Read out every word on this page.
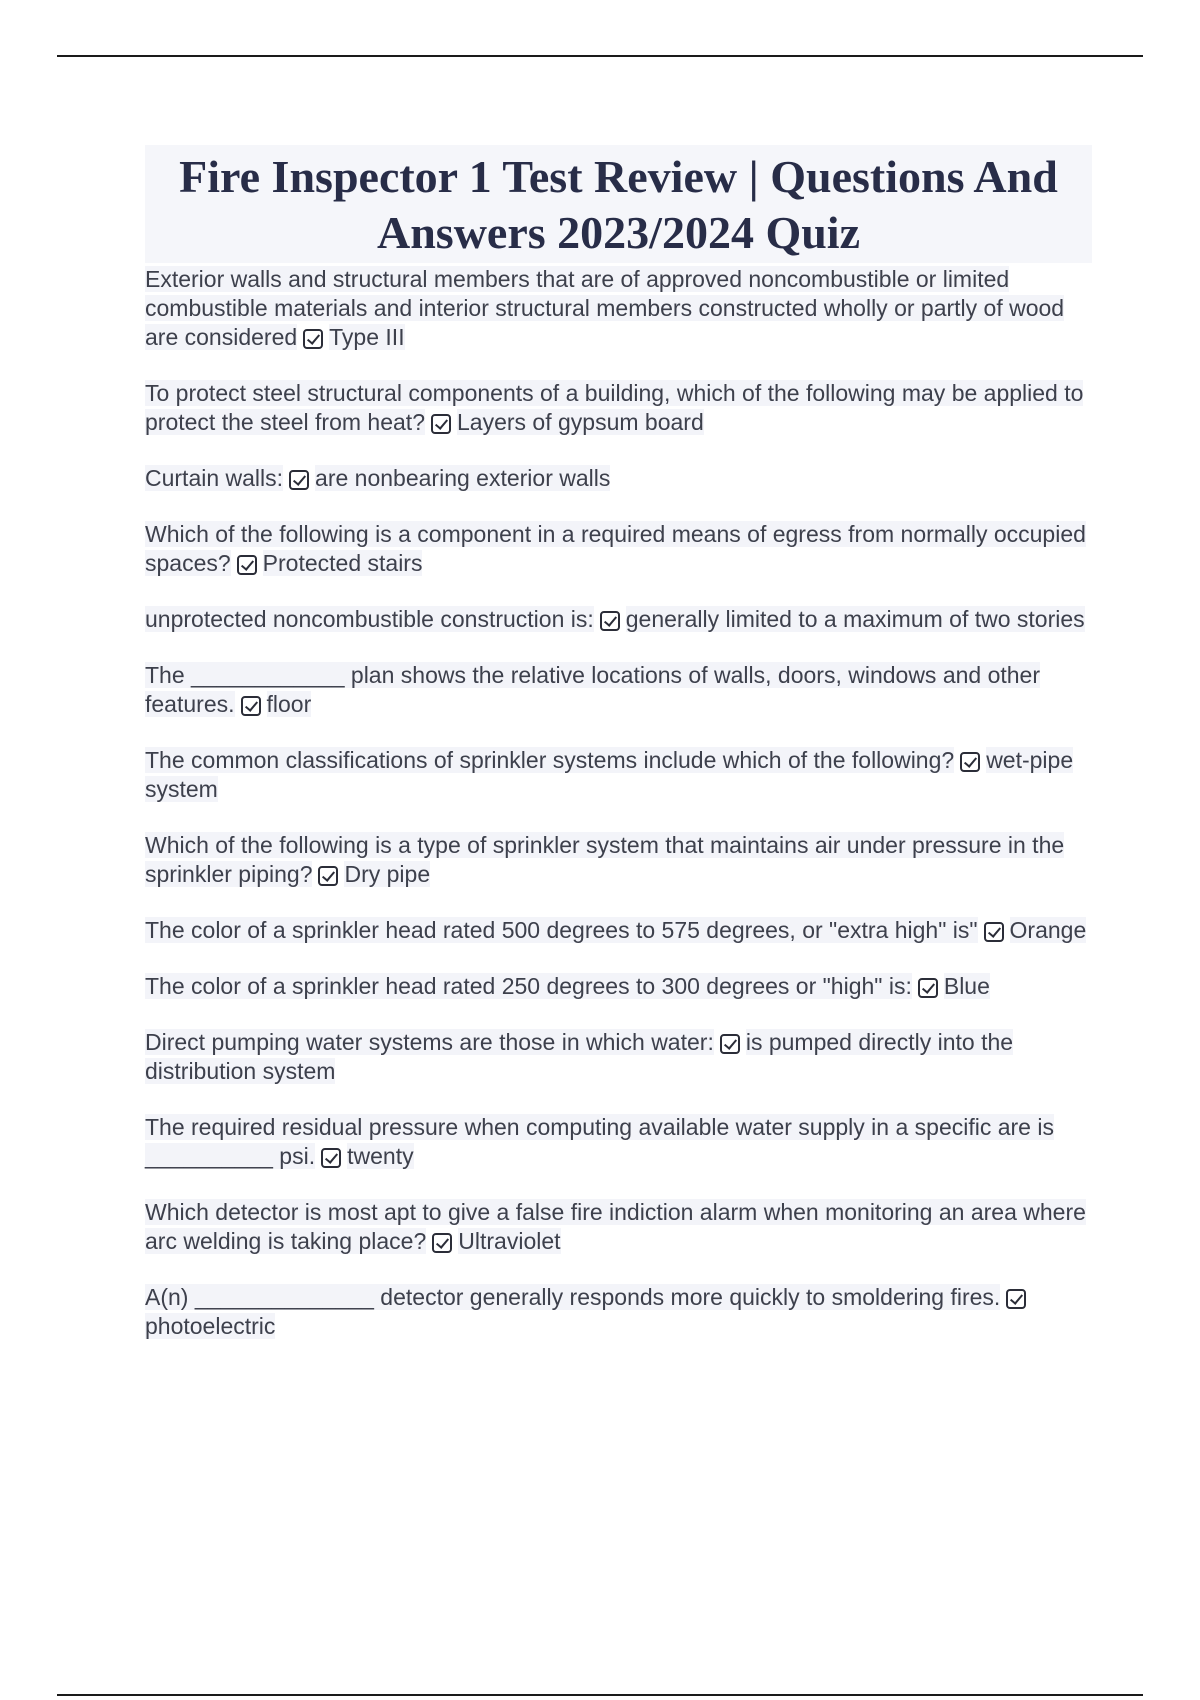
Fire Inspector 1 Test Review | Questions And Answers 2023/2024 Quiz
Exterior walls and structural members that are of approved noncombustible or limited combustible materials and interior structural members constructed wholly or partly of wood are considered Type III
To protect steel structural components of a building, which of the following may be applied to protect the steel from heat? Layers of gypsum board
Curtain walls: are nonbearing exterior walls
Which of the following is a component in a required means of egress from normally occupied spaces? Protected stairs
unprotected noncombustible construction is: generally limited to a maximum of two stories
The ____________ plan shows the relative locations of walls, doors, windows and other features. floor
The common classifications of sprinkler systems include which of the following? wet-pipe system
Which of the following is a type of sprinkler system that maintains air under pressure in the sprinkler piping? Dry pipe
The color of a sprinkler head rated 500 degrees to 575 degrees, or "extra high" is" Orange
The color of a sprinkler head rated 250 degrees to 300 degrees or "high" is: Blue
Direct pumping water systems are those in which water: is pumped directly into the distribution system
The required residual pressure when computing available water supply in a specific are is __________ psi. twenty
Which detector is most apt to give a false fire indiction alarm when monitoring an area where arc welding is taking place? Ultraviolet
A(n) ______________ detector generally responds more quickly to smoldering fires.photoelectric
